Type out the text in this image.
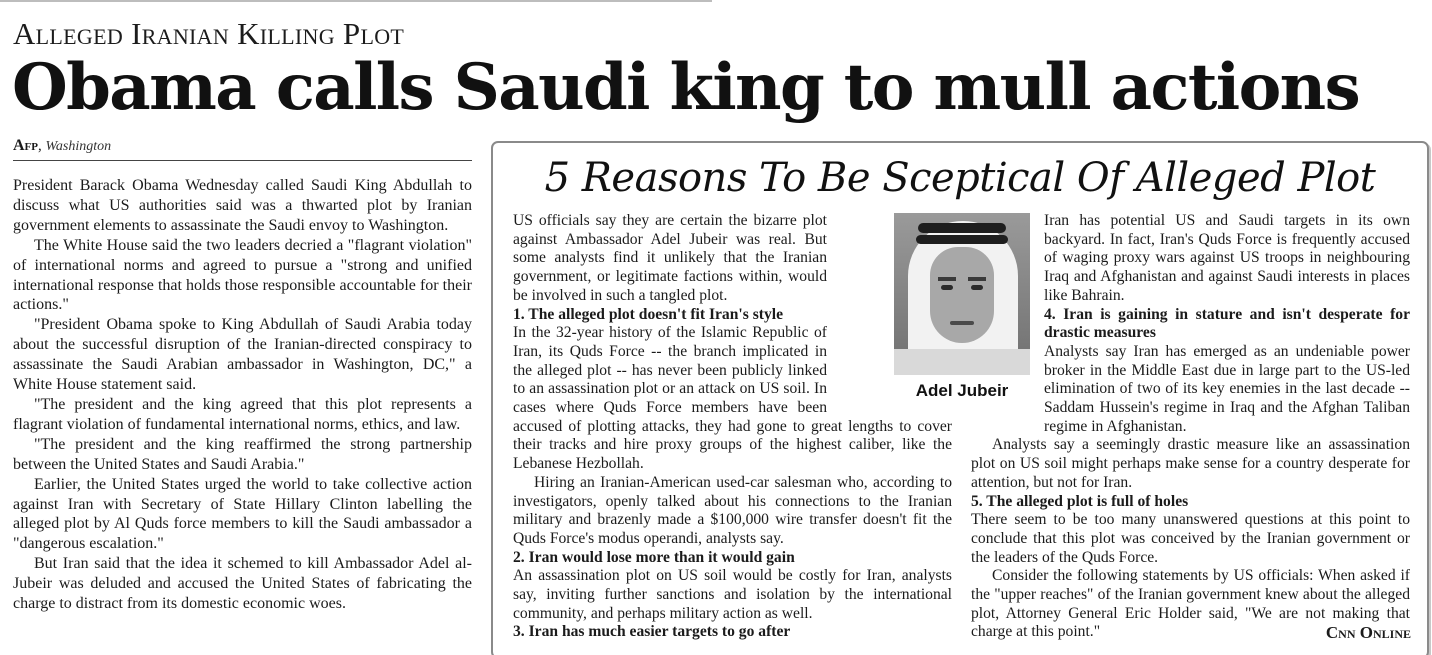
Alleged Iranian Killing Plot
Obama calls Saudi king to mull actions
Afp, Washington

President Barack Obama Wednesday called Saudi King Abdullah to discuss what US authorities said was a thwarted plot by Iranian government elements to assassinate the Saudi envoy to Washington.

The White House said the two leaders decried a "flagrant violation" of international norms and agreed to pursue a "strong and unified international response that holds those responsible accountable for their actions."

"President Obama spoke to King Abdullah of Saudi Arabia today about the successful disruption of the Iranian-directed conspiracy to assassinate the Saudi Arabian ambassador in Washington, DC," a White House statement said.

"The president and the king agreed that this plot represents a flagrant violation of fundamental international norms, ethics, and law.

"The president and the king reaffirmed the strong partnership between the United States and Saudi Arabia."

Earlier, the United States urged the world to take collective action against Iran with Secretary of State Hillary Clinton labelling the alleged plot by Al Quds force members to kill the Saudi ambassador a "dangerous escalation."

But Iran said that the idea it schemed to kill Ambassador Adel al-Jubeir was deluded and accused the United States of fabricating the charge to distract from its domestic economic woes.

5 Reasons To Be Sceptical Of Alleged Plot

US officials say they are certain the bizarre plot against Ambassador Adel Jubeir was real. But some analysts find it unlikely that the Iranian government, or legitimate factions within, would be involved in such a tangled plot.

1. The alleged plot doesn't fit Iran's style

In the 32-year history of the Islamic Republic of Iran, its Quds Force -- the branch implicated in the alleged plot -- has never been publicly linked to an assassination plot or an attack on US soil. In cases where Quds Force members have been accused of plotting attacks, they had gone to great lengths to cover their tracks and hire proxy groups of the highest caliber, like the Lebanese Hezbollah.

Hiring an Iranian-American used-car salesman who, according to investigators, openly talked about his connections to the Iranian military and brazenly made a $100,000 wire transfer doesn't fit the Quds Force's modus operandi, analysts say.

2. Iran would lose more than it would gain

An assassination plot on US soil would be costly for Iran, analysts say, inviting further sanctions and isolation by the international community, and perhaps military action as well.

3. Iran has much easier targets to go after

Iran has potential US and Saudi targets in its own backyard. In fact, Iran's Quds Force is frequently accused of waging proxy wars against US troops in neighbouring Iraq and Afghanistan and against Saudi interests in places like Bahrain.

4. Iran is gaining in stature and isn't desperate for drastic measures

Analysts say Iran has emerged as an undeniable power broker in the Middle East due in large part to the US-led elimination of two of its key enemies in the last decade -- Saddam Hussein's regime in Iraq and the Afghan Taliban regime in Afghanistan.

Analysts say a seemingly drastic measure like an assassination plot on US soil might perhaps make sense for a country desperate for attention, but not for Iran.

5. The alleged plot is full of holes

There seem to be too many unanswered questions at this point to conclude that this plot was conceived by the Iranian government or the leaders of the Quds Force.

Consider the following statements by US officials: When asked if the "upper reaches" of the Iranian government knew about the alleged plot, Attorney General Eric Holder said, "We are not making that charge at this point."

Adel Jubeir
Cnn Online
